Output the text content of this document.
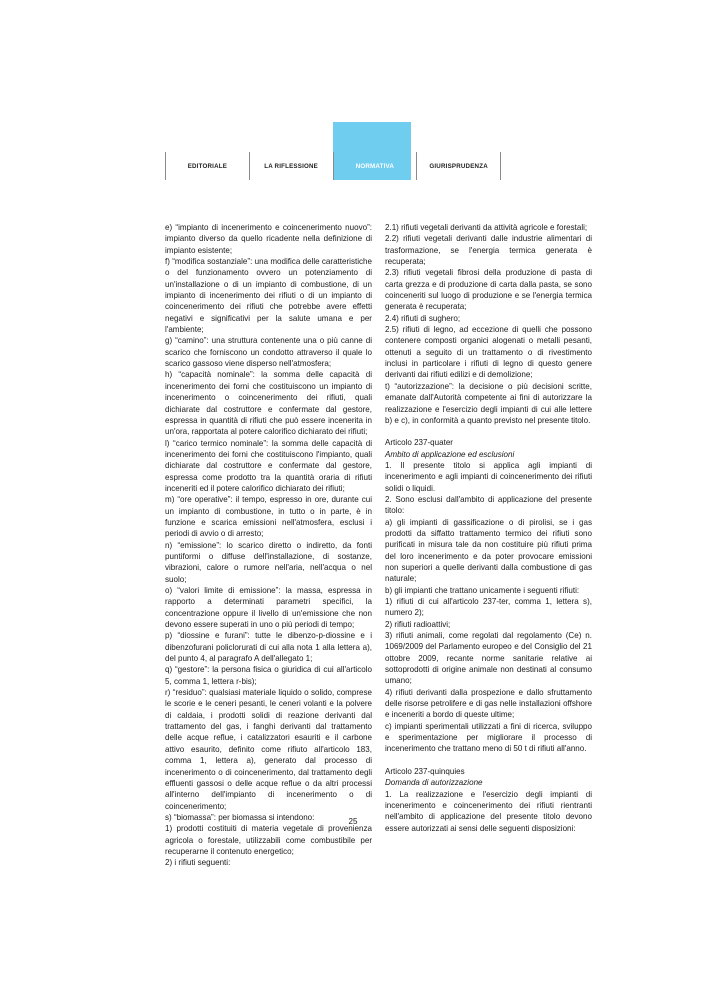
EDITORIALE	LA RIFLESSIONE	NORMATIVA	GIURISPRUDENZA

e) “impianto di incenerimento e coincenerimento nuovo”: impianto diverso da quello ricadente nella definizione di impianto esistente;

f) “modifica sostanziale”: una modifica delle caratteristiche o del funzionamento ovvero un potenziamento di un'installazione o di un impianto di combustione, di un impianto di incenerimento dei rifiuti o di un impianto di coincenerimento dei rifiuti che potrebbe avere effetti negativi e significativi per la salute umana e per l'ambiente;

g) “camino”: una struttura contenente una o più canne di scarico che forniscono un condotto attraverso il quale lo scarico gassoso viene disperso nell'atmosfera;

h) “capacità nominale”: la somma delle capacità di incenerimento dei forni che costituiscono un impianto di incenerimento o coincenerimento dei rifiuti, quali dichiarate dal costruttore e confermate dal gestore, espressa in quantità di rifiuti che può essere incenerita in un'ora, rapportata al potere calorifico dichiarato dei rifiuti;

l) “carico termico nominale”: la somma delle capacità di incenerimento dei forni che costituiscono l'impianto, quali dichiarate dal costruttore e confermate dal gestore, espressa come prodotto tra la quantità oraria di rifiuti inceneriti ed il potere calorifico dichiarato dei rifiuti;

m) “ore operative”: il tempo, espresso in ore, durante cui un impianto di combustione, in tutto o in parte, è in funzione e scarica emissioni nell'atmosfera, esclusi i periodi di avvio o di arresto;

n) “emissione”: lo scarico diretto o indiretto, da fonti puntiformi o diffuse dell'installazione, di sostanze, vibrazioni, calore o rumore nell'aria, nell'acqua o nel suolo;

o) “valori limite di emissione”: la massa, espressa in rapporto a determinati parametri specifici, la concentrazione oppure il livello di un'emissione che non devono essere superati in uno o più periodi di tempo;

p) “diossine e furani”: tutte le dibenzo-p-diossine e i dibenzofurani policlorurati di cui alla nota 1 alla lettera a), del punto 4, al paragrafo A dell'allegato 1;

q) “gestore”: la persona fisica o giuridica di cui all'articolo 5, comma 1, lettera r-bis);

r) “residuo”: qualsiasi materiale liquido o solido, comprese le scorie e le ceneri pesanti, le ceneri volanti e la polvere di caldaia, i prodotti solidi di reazione derivanti dal trattamento del gas, i fanghi derivanti dal trattamento delle acque reflue, i catalizzatori esauriti e il carbone attivo esaurito, definito come rifiuto all'articolo 183, comma 1, lettera a), generato dal processo di incenerimento o di coincenerimento, dal trattamento degli effluenti gassosi o delle acque reflue o da altri processi all'interno dell'impianto di incenerimento o di coincenerimento;

s) “biomassa”: per biomassa si intendono:

1) prodotti costituiti di materia vegetale di provenienza agricola o forestale, utilizzabili come combustibile per recuperarne il contenuto energetico;

2) i rifiuti seguenti:

2.1) rifiuti vegetali derivanti da attività agricole e forestali;

2.2) rifiuti vegetali derivanti dalle industrie alimentari di trasformazione, se l'energia termica generata è recuperata;

2.3) rifiuti vegetali fibrosi della produzione di pasta di carta grezza e di produzione di carta dalla pasta, se sono coinceneriti sul luogo di produzione e se l'energia termica generata è recuperata;

2.4) rifiuti di sughero;

2.5) rifiuti di legno, ad eccezione di quelli che possono contenere composti organici alogenati o metalli pesanti, ottenuti a seguito di un trattamento o di rivestimento inclusi in particolare i rifiuti di legno di questo genere derivanti dai rifiuti edilizi e di demolizione;

t) “autorizzazione”: la decisione o più decisioni scritte, emanate dall'Autorità competente ai fini di autorizzare la realizzazione e l'esercizio degli impianti di cui alle lettere b) e c), in conformità a quanto previsto nel presente titolo.

Articolo 237-quater

Ambito di applicazione ed esclusioni

1. Il presente titolo si applica agli impianti di incenerimento e agli impianti di coincenerimento dei rifiuti solidi o liquidi.

2. Sono esclusi dall'ambito di applicazione del presente titolo:

a) gli impianti di gassificazione o di pirolisi, se i gas prodotti da siffatto trattamento termico dei rifiuti sono purificati in misura tale da non costituire più rifiuti prima del loro incenerimento e da poter provocare emissioni non superiori a quelle derivanti dalla combustione di gas naturale;

b) gli impianti che trattano unicamente i seguenti rifiuti:

1) rifiuti di cui all'articolo 237-ter, comma 1, lettera s), numero 2);

2) rifiuti radioattivi;

3) rifiuti animali, come regolati dal regolamento (Ce) n. 1069/2009 del Parlamento europeo e del Consiglio del 21 ottobre 2009, recante norme sanitarie relative ai sottoprodotti di origine animale non destinati al consumo umano;

4) rifiuti derivanti dalla prospezione e dallo sfruttamento delle risorse petrolifere e di gas nelle installazioni offshore e inceneriti a bordo di queste ultime;

c) impianti sperimentali utilizzati a fini di ricerca, sviluppo e sperimentazione per migliorare il processo di incenerimento che trattano meno di 50 t di rifiuti all'anno.

Articolo 237-quinquies

Domanda di autorizzazione

1. La realizzazione e l'esercizio degli impianti di incenerimento e coincenerimento dei rifiuti rientranti nell'ambito di applicazione del presente titolo devono essere autorizzati ai sensi delle seguenti disposizioni:

25
